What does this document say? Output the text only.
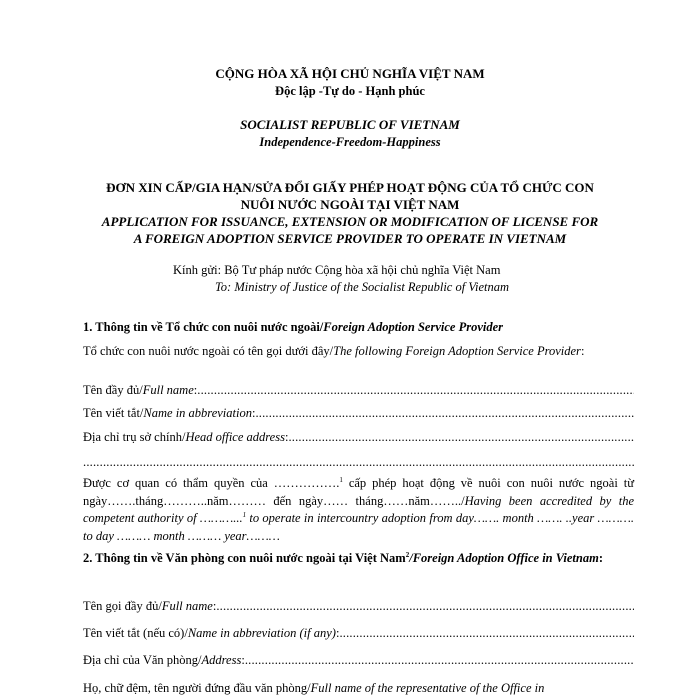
CỘNG HÒA XÃ HỘI CHỦ NGHĨA VIỆT NAM
Độc lập -Tự do - Hạnh phúc
SOCIALIST REPUBLIC OF VIETNAM
Independence-Freedom-Happiness
ĐƠN XIN CẤP/GIA HẠN/SỬA ĐỔI GIẤY PHÉP HOẠT ĐỘNG CỦA TỔ CHỨC CON
NUÔI NƯỚC NGOÀI TẠI VIỆT NAM
APPLICATION FOR ISSUANCE, EXTENSION OR MODIFICATION OF LICENSE FOR
A FOREIGN ADOPTION SERVICE PROVIDER TO OPERATE IN VIETNAM
Kính gửi: Bộ Tư pháp nước Cộng hòa xã hội chủ nghĩa Việt Nam
To: Ministry of Justice of the Socialist Republic of Vietnam
1. Thông tin về Tổ chức con nuôi nước ngoài/Foreign Adoption Service Provider
Tổ chức con nuôi nước ngoài có tên gọi dưới đây/The following Foreign Adoption Service Provider:
Tên đầy đủ/ Full name :
.....
Tên viết tắt/ Name in abbreviation :
.....
Địa chỉ trụ sở chính/ Head office address :
.....
.....
Được cơ quan có thẩm quyền của …………….$^1$ cấp phép hoạt động về nuôi con nuôi nước ngoài từ ngày…….tháng………..năm……… đến ngày…… tháng……năm……../Having been accredited by the competent authority of ………...$^1$ to operate in intercountry adoption from day……. month ……. ..year ………. to day ……… month ……… year………
2. Thông tin về Văn phòng con nuôi nước ngoài tại Việt Nam$^2$/Foreign Adoption Office in Vietnam:
Tên gọi đầy đủ/ Full name :
.....
Tên viết tắt (nếu có)/ Name in abbreviation (if any) :
.....
Địa chỉ của Văn phòng/ Address :
.....
Họ, chữ đệm, tên người đứng đầu văn phòng/Full name of the representative of the Office in
